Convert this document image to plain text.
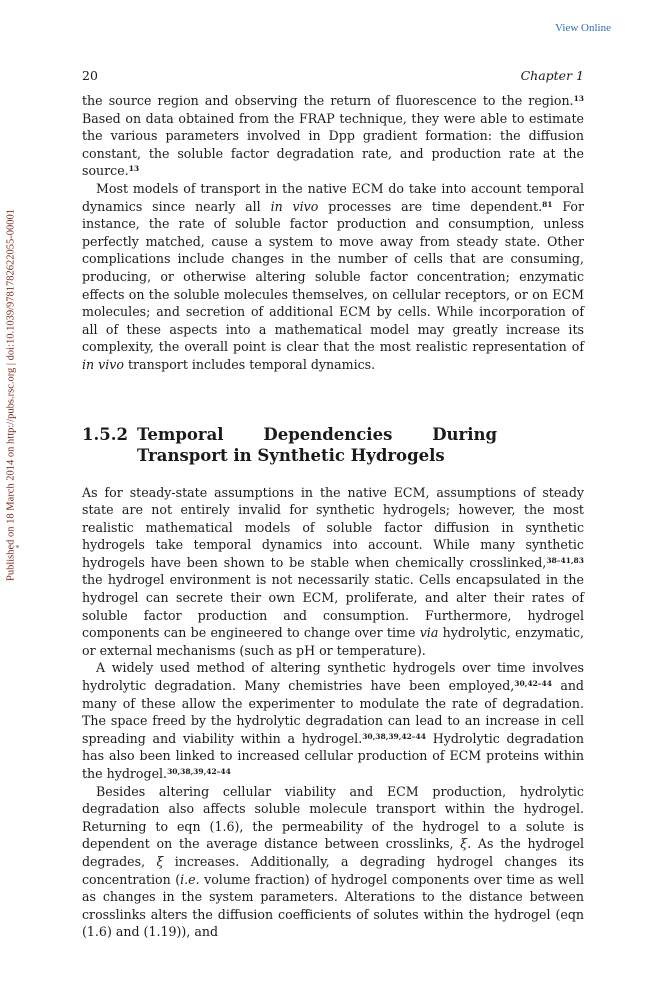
View Online
Published on 18 March 2014 on http://pubs.rsc.org | doi:10.1039/9781782622055-00001
20	Chapter 1

the source region and observing the return of fluorescence to the region.$^{13}$ Based on data obtained from the FRAP technique, they were able to estimate the various parameters involved in Dpp gradient formation: the diffusion constant, the soluble factor degradation rate, and production rate at the source.$^{13}$

Most models of transport in the native ECM do take into account temporal dynamics since nearly all in vivo processes are time dependent.$^{81}$ For instance, the rate of soluble factor production and consumption, unless perfectly matched, cause a system to move away from steady state. Other complications include changes in the number of cells that are consuming, producing, or otherwise altering soluble factor concentration; enzymatic effects on the soluble molecules themselves, on cellular receptors, or on ECM molecules; and secretion of additional ECM by cells. While incorporation of all of these aspects into a mathematical model may greatly increase its complexity, the overall point is clear that the most realistic representation of in vivo transport includes temporal dynamics.

1.5.2 Temporal Dependencies During Transport in Synthetic Hydrogels

As for steady-state assumptions in the native ECM, assumptions of steady state are not entirely invalid for synthetic hydrogels; however, the most realistic mathematical models of soluble factor diffusion in synthetic hydrogels take temporal dynamics into account. While many synthetic hydrogels have been shown to be stable when chemically crosslinked,$^{38-41,83}$ the hydrogel environment is not necessarily static. Cells encapsulated in the hydrogel can secrete their own ECM, proliferate, and alter their rates of soluble factor production and consumption. Furthermore, hydrogel components can be engineered to change over time via hydrolytic, enzymatic, or external mechanisms (such as pH or temperature).

A widely used method of altering synthetic hydrogels over time involves hydrolytic degradation. Many chemistries have been employed,$^{30,42-44}$ and many of these allow the experimenter to modulate the rate of degradation. The space freed by the hydrolytic degradation can lead to an increase in cell spreading and viability within a hydrogel.$^{30,38,39,42-44}$ Hydrolytic degradation has also been linked to increased cellular production of ECM proteins within the hydrogel.$^{30,38,39,42-44}$

Besides altering cellular viability and ECM production, hydrolytic degradation also affects soluble molecule transport within the hydrogel. Returning to eqn (1.6), the permeability of the hydrogel to a solute is dependent on the average distance between crosslinks, ξ. As the hydrogel degrades, ξ increases. Additionally, a degrading hydrogel changes its concentration (i.e. volume fraction) of hydrogel components over time as well as changes in the system parameters. Alterations to the distance between crosslinks alters the diffusion coefficients of solutes within the hydrogel (eqn (1.6) and (1.19)), and
